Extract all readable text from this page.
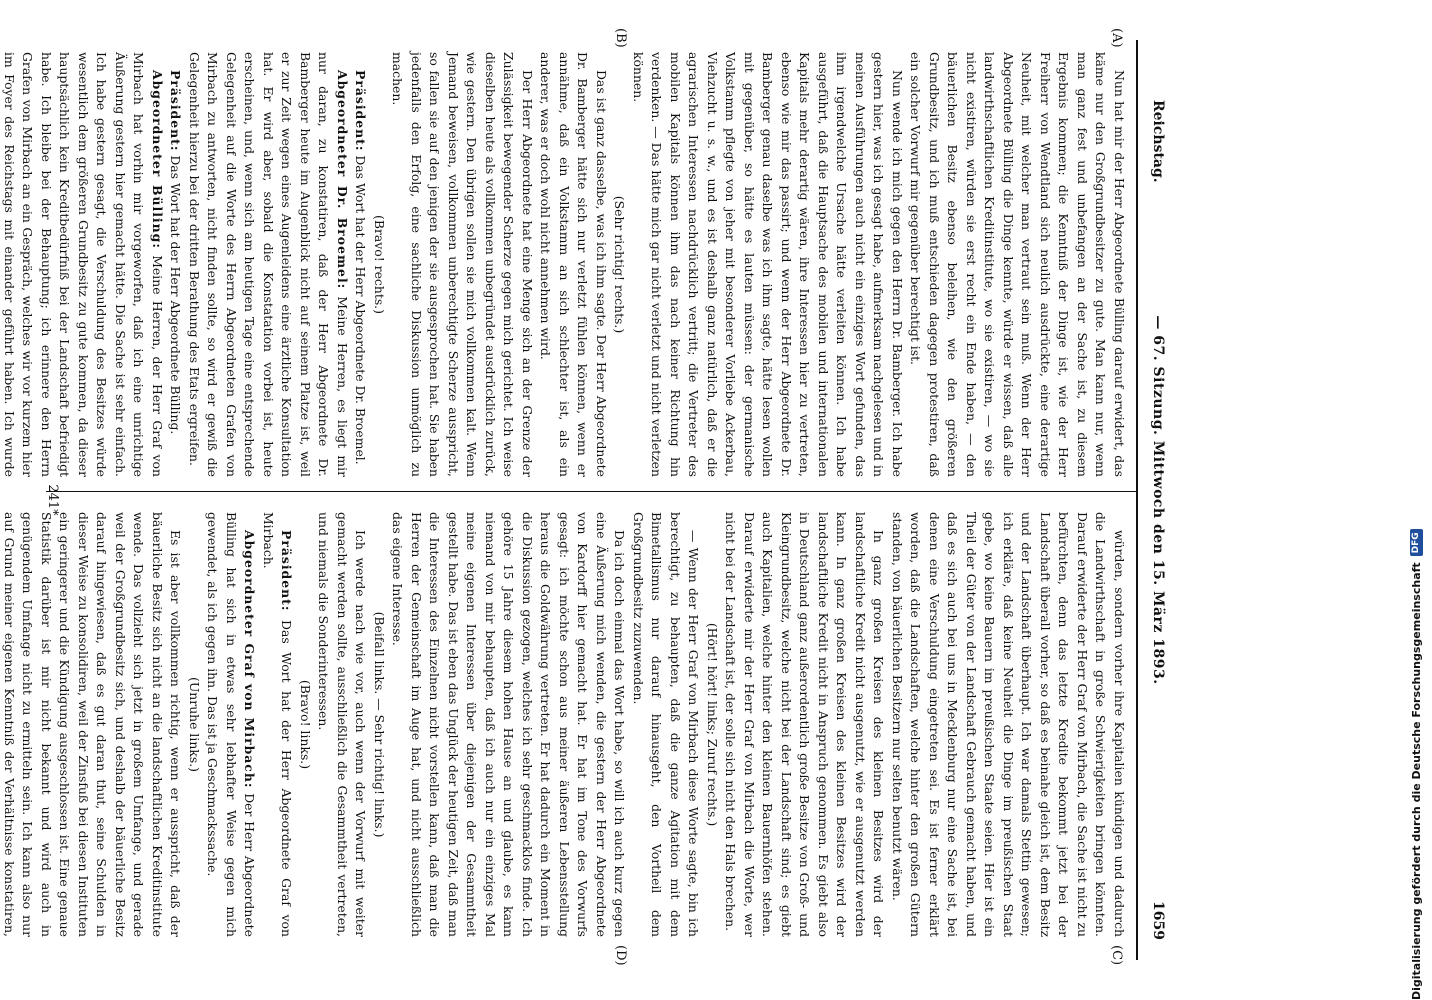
Reichstag.
— 67. Sitzung. Mittwoch den 15. März 1893.
1659
(A)
(B)
(C)
(D)

Nun hat mir der Herr Abgeordnete Bülling darauf erwidert, das käme nur den Großgrundbesitzer zu gute. Man kann nur, wenn man ganz fest und unbefangen an der Sache ist, zu diesem Ergebnis kommen; die Kenntniß der Dinge ist, wie der Herr Freiherr von Wendtland sich neulich ausdrückte, eine derartige Neuheit, mit welcher man vertraut sein muß. Wenn der Herr Abgeordnete Bülling die Dinge kennte, würde er wissen, daß alle landwirthschaftlichen Kreditinstitute, wo sie existiren, — wo sie nicht existiren, würden sie erst recht ein Ende haben, — den bäuerlichen Besitz ebenso beleihen, wie den größeren Grundbesitz, und ich muß entschieden dagegen protestiren, daß ein solcher Vorwurf mir gegenüber berechtigt ist.

Nun wende ich mich gegen den Herrn Dr. Bamberger. Ich habe gestern hier, was ich gesagt habe, aufmerksam nachgelesen und in meinen Ausführungen auch nicht ein einziges Wort gefunden, das ihm irgendwelche Ursache hätte verleiten können. Ich habe ausgeführt, daß die Hauptsache des mobilen und internationalen Kapitals mehr derartig wären, ihre Interessen hier zu vertreten, ebenso wie mir das passirt; und wenn der Herr Abgeordnete Dr. Bamberger genau daselbe was ich ihm sagte, hätte lesen wollen mit gegenüber, so hätte es lauten müssen: der germanische Volkstamm pflegte von jeher mit besonderer Vorliebe Ackerbau, Viehzucht u. s. w., und es ist deshalb ganz natürlich, daß er die agrarischen Interessen nachdrücklich vertritt; die Vertreter des mobilen Kapitals können ihm das nach keiner Richtung hin verdenken. — Das hätte mich gar nicht verletzt und nicht verletzen können.

(Sehr richtig! rechts.)

Das ist ganz dasselbe, was ich ihm sagte. Der Herr Abgeordnete Dr. Bamberger hätte sich nur verletzt fühlen können, wenn er annähme, daß ein Volkstamm an sich schlechter ist, als ein anderer, was er doch wohl nicht annehmen wird.

Der Herr Abgeordnete hat eine Menge sich an der Grenze der Zulässigkeit bewegender Scherze gegen mich gerichtet. Ich weise dieselben heute als vollkommen unbegründet ausdrücklich zurück, wie gestern. Den übrigen sollen sie mich vollkommen kalt. Wenn Jemand beweisen, vollkommen unberechtigte Scherze ausspricht, so fallen sie auf den jenigen der sie ausgesprochen hat. Sie haben jedenfalls den Erfolg, eine sachliche Diskussion unmöglich zu machen.

(Bravo! rechts.)

Präsident: Das Wort hat der Herr Abgeordnete Dr. Broemel.

Abgeordneter Dr. Broemel: Meine Herren, es liegt mir nur daran, zu konstatiren, daß der Herr Abgeordnete Dr. Bamberger heute im Augenblick nicht auf seinem Platze ist, weil er zur Zeit wegen eines Augenleidens eine ärztliche Konsultation hat. Er wird aber, sobald die Konstatation vorbei ist, heute erscheinen, und, wenn sich am heutigen Tage eine entsprechende Gelegenheit auf die Worte des Herrn Abgeordneten Grafen von Mirbach zu antworten, nicht finden sollte, so wird er gewiß die Gelegenheit hierzu bei der dritten Berathung des Etats ergreifen.

Präsident: Das Wort hat der Herr Abgeordnete Bülling.

Abgeordneter Bülling: Meine Herren, der Herr Graf von Mirbach hat vorhin mir vorgeworfen, daß ich eine unrichtige Äußerung gestern hier gemacht hätte. Die Sache ist sehr einfach. Ich habe gestern gesagt, die Verschuldung des Besitzes würde wesentlich dem größeren Grundbesitz zu gute kommen, da dieser hauptsächlich kein Kreditbedürfniß bei der Landschaft befriedigt habe. Ich bleibe bei der Behauptung; ich erinnere den Herrn Grafen von Mirbach an ein Gespräch, welches wir vor kurzem hier im Foyer des Reichstags mit einander geführt haben. Ich wurde

würden, sondern vorher ihre Kapitalien kündigen und dadurch die Landwirthschaft in große Schwierigkeiten bringen könnten. Darauf erwiderte der Herr Graf von Mirbach, die Sache ist nicht zu befürchten, denn das letzte Kredite bekommt jetzt bei der Landschaft überall vorher, so daß es beinahe gleich ist, dem Besitz und der Landschaft überhaupt. Ich war damals Stettin gewesen; ich erkläre, daß keine Neuheit die Dinge im preußischen Staat gebe, wo keine Bauern im preußischen Staate seien. Hier ist ein Theil der Güter von der Landschaft Gebrauch gemacht haben, und daß es sich auch bei uns in Mecklenburg nur eine Sache ist, bei denen eine Verschuldung eingetreten sei. Es ist ferner erklärt worden, daß die Landschaften, welche hinter den großen Gütern standen, von bäuerlichen Besitzern nur selten benutzt wären.

In ganz großen Kreisen des kleinen Besitzes wird der landschaftliche Kredit nicht ausgenutzt, wie er ausgenutzt werden kann. In ganz großen Kreisen des kleinen Besitzes wird der landschaftliche Kredit nicht in Anspruch genommen. Es giebt also in Deutschland ganz außerordentlich große Besitze von Groß- und Kleingrundbesitz, welche nicht bei der Landschaft sind; es giebt auch Kapitalien, welche hinter den kleinen Bauernhöfen stehen. Darauf erwiderte mir der Herr Graf von Mirbach die Worte, wer nicht bei der Landschaft ist, der solle sich nicht den Hals brechen.

(Hört! hört! links; Zuruf rechts.)

— Wenn der Herr Graf von Mirbach diese Worte sagte, bin ich berechtigt, zu behaupten, daß die ganze Agitation mit dem Bimetallismus nur darauf hinausgeht, den Vortheil dem Großgrundbesitz zuzuwenden.

Da ich doch einmal das Wort habe, so will ich auch kurz gegen eine Äußerung mich wenden, die gestern der Herr Abgeordnete von Kardorff hier gemacht hat. Er hat im Tone des Vorwurfs gesagt: ich möchte schon aus meiner äußeren Lebensstellung heraus die Goldwährung vertreten. Er hat dadurch ein Moment in die Diskussion gezogen, welches ich sehr geschmacklos finde. Ich gehöre 15 Jahre diesem hohen Hause an und glaube, es kann niemand von mir behaupten, daß ich auch nur ein einziges Mal meine eigenen Interessen über diejenigen der Gesammtheit gestellt habe. Das ist eben das Unglück der heutigen Zeit, daß man die Interessen des Einzelnen nicht vorstellen kann, daß man die Herren der Gemeinschaft im Auge hat, und nicht ausschließlich das eigene Interesse.

(Beifall links. — Sehr richtig! links.)

Ich werde nach wie vor, auch wenn der Vorwurf mit weiter gemacht werden sollte, ausschließlich die Gesammtheit vertreten, und niemals die Sonderinteressen.

(Bravo! links.)

Präsident: Das Wort hat der Herr Abgeordnete Graf von Mirbach.

Abgeordneter Graf von Mirbach: Der Herr Abgeordnete Bülling hat sich in etwas sehr lebhafter Weise gegen mich gewendet, als ich gegen ihn. Das ist ja Geschmackssache.

(Unruhe links.)

Es ist aber vollkommen richtig, wenn er ausspricht, daß der bäuerliche Besitz sich nicht an die landschaftlichen Kreditinstitute wende. Das vollzieht sich jetzt in großem Umfange, und gerade weil der Großgrundbesitz sich, und deshalb der bäuerliche Besitz darauf hingewiesen, daß es gut daran thut, seine Schulden in dieser Weise zu konsolidiren, weil der Zinsfuß bei diesen Instituten ein geringerer und die Kündigung ausgeschlossen ist. Eine genaue Statistik darüber ist mir nicht bekannt und wird auch in genügendem Umfange nicht zu ermitteln sein. Ich kann also nur auf Grund meiner eigenen Kenntniß der Verhältnisse konstatiren,

241*
Digitalisierung gefördert durch die Deutsche Forschungsgemeinschaft
DFG
